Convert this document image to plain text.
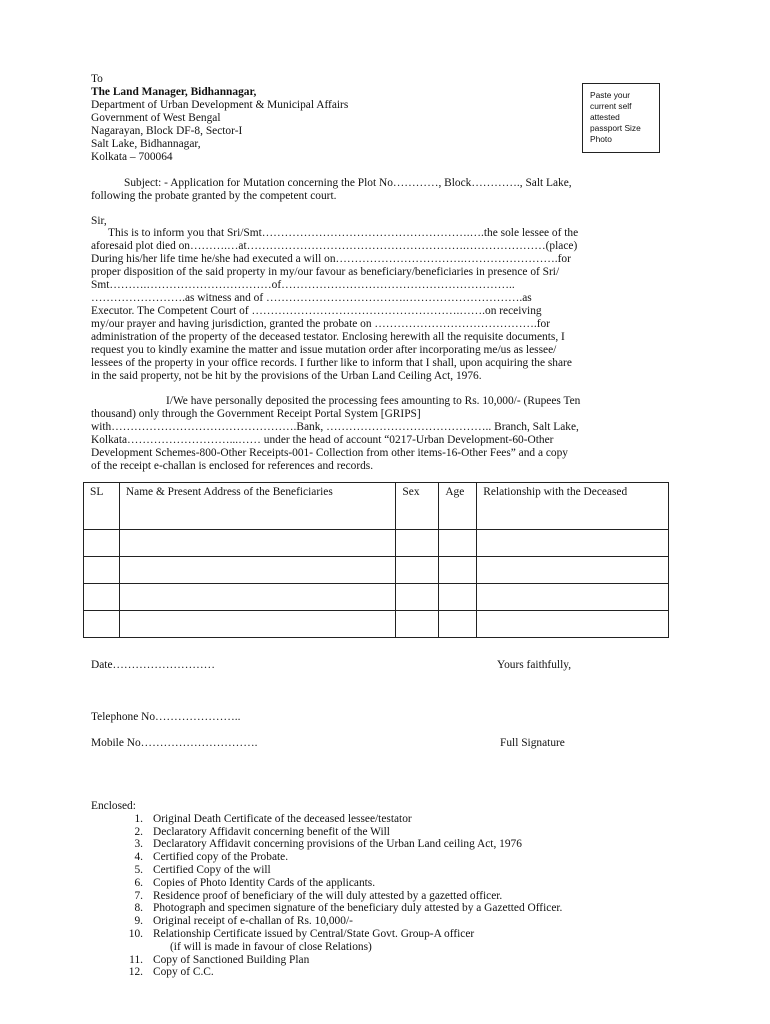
To
The Land Manager, Bidhannagar,
Department of Urban Development & Municipal Affairs
Government of West Bengal
Nagarayan, Block DF-8, Sector-I
Salt Lake, Bidhannagar,
Kolkata – 700064
Paste your
current self
attested
passport Size
Photo
Subject: - Application for Mutation concerning the Plot No…………, Block…………., Salt Lake,
following the probate granted by the competent court.
Sir,
This is to inform you that Sri/Smt……………………………………………….….the sole lessee of the
aforesaid plot died on……….…at………………………………………………….…………………(place)
During his/her life time he/she had executed a will on…………………………….…………………….for
proper disposition of the said property in my/our favour as beneficiary/beneficiaries in presence of Sri/
Smt……….……………………………of……………………………………………………..
…………………….as witness and of ……………………………….………………………….as
Executor. The Competent Court of ……………………………………………….…….on receiving
my/our prayer and having jurisdiction, granted the probate on …………………………………….for
administration of the property of the deceased testator. Enclosing herewith all the requisite documents, I
request you to kindly examine the matter and issue mutation order after incorporating me/us as lessee/
lessees of the property in your office records. I further like to inform that I shall, upon acquiring the share
in the said property, not be hit by the provisions of the Urban Land Ceiling Act, 1976.
I/We have personally deposited the processing fees amounting to Rs. 10,000/- (Rupees Ten
thousand) only through the Government Receipt Portal System [GRIPS]
with………………………………………….Bank, …………………………………….. Branch, Salt Lake,
Kolkata………………………...…… under the head of account “0217-Urban Development-60-Other
Development Schemes-800-Other Receipts-001- Collection from other items-16-Other Fees” and a copy
of the receipt e-challan is enclosed for references and records.
SL	Name & Present Address of the Beneficiaries	Sex	Age	Relationship with the Deceased

Date………………………	Yours faithfully,
Telephone No…………………..
Mobile No………………………….	Full Signature
Enclosed:
1. Original Death Certificate of the deceased lessee/testator
2. Declaratory Affidavit concerning benefit of the Will
3. Declaratory Affidavit concerning provisions of the Urban Land ceiling Act, 1976
4. Certified copy of the Probate.
5. Certified Copy of the will
6. Copies of Photo Identity Cards of the applicants.
7. Residence proof of beneficiary of the will duly attested by a gazetted officer.
8. Photograph and specimen signature of the beneficiary duly attested by a Gazetted Officer.
9. Original receipt of e-challan of Rs. 10,000/-
10. Relationship Certificate issued by Central/State Govt. Group-A officer
(if will is made in favour of close Relations)
11. Copy of Sanctioned Building Plan
12. Copy of C.C.
